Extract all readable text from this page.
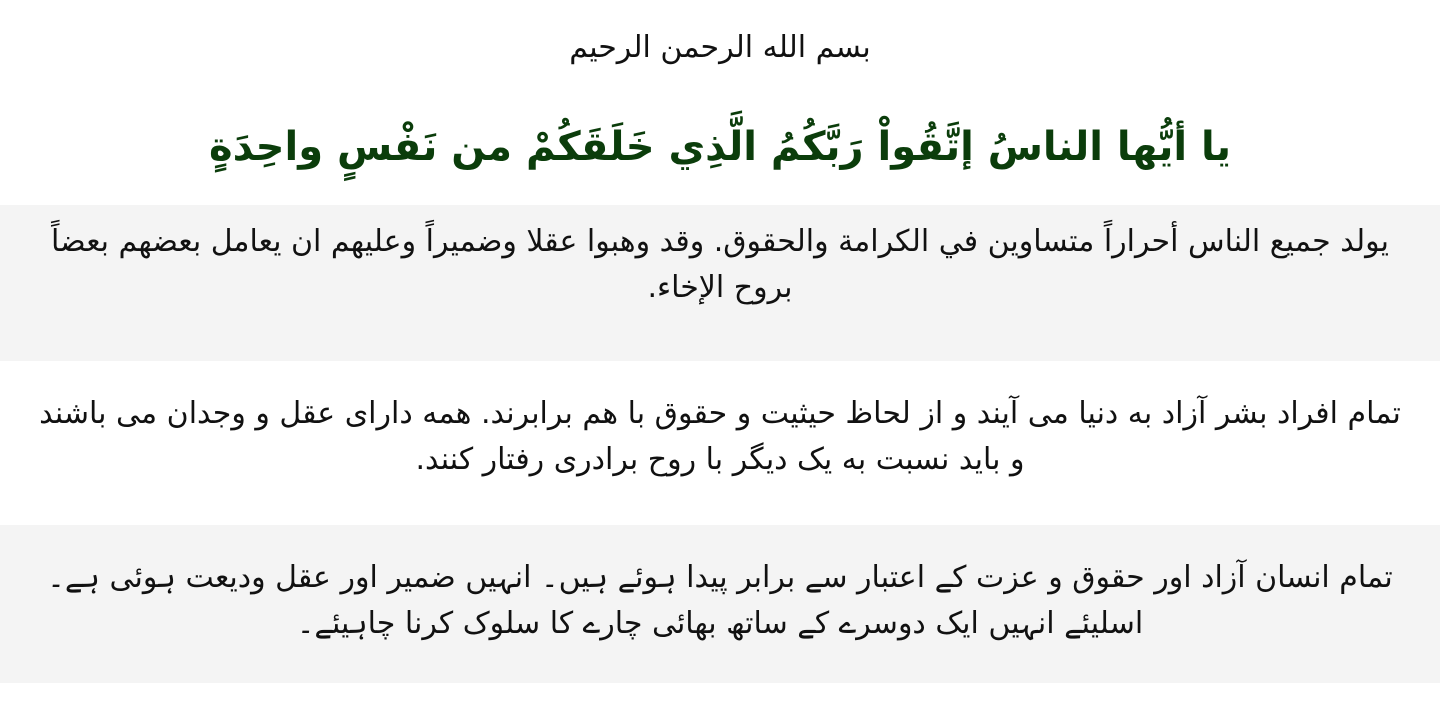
بسم الله الرحمن الرحيم
يا أيُّها الناسُ إتَّقُواْ رَبَّكُمُ الَّذِي خَلَقَكُمْ من نَفْسٍ واحِدَةٍ
يولد جميع الناس أحراراً متساوين في الكرامة والحقوق. وقد وهبوا عقلا وضميراً وعليهم ان يعامل بعضهم بعضاً بروح الإخاء.
تمام افراد بشر آزاد به دنیا می آیند و از لحاظ حیثیت و حقوق با هم برابرند. همه دارای عقل و وجدان می باشند و باید نسبت به یک دیگر با روح برادری رفتار کنند.
تمام انسان آزاد اور حقوق و عزت کے اعتبار سے برابر پیدا ہوئے ہیں۔ انہیں ضمیر اور عقل ودیعت ہوئی ہے۔ اسلیئے انہیں ایک دوسرے کے ساتھ بھائی چارے کا سلوک کرنا چاہیئے۔
